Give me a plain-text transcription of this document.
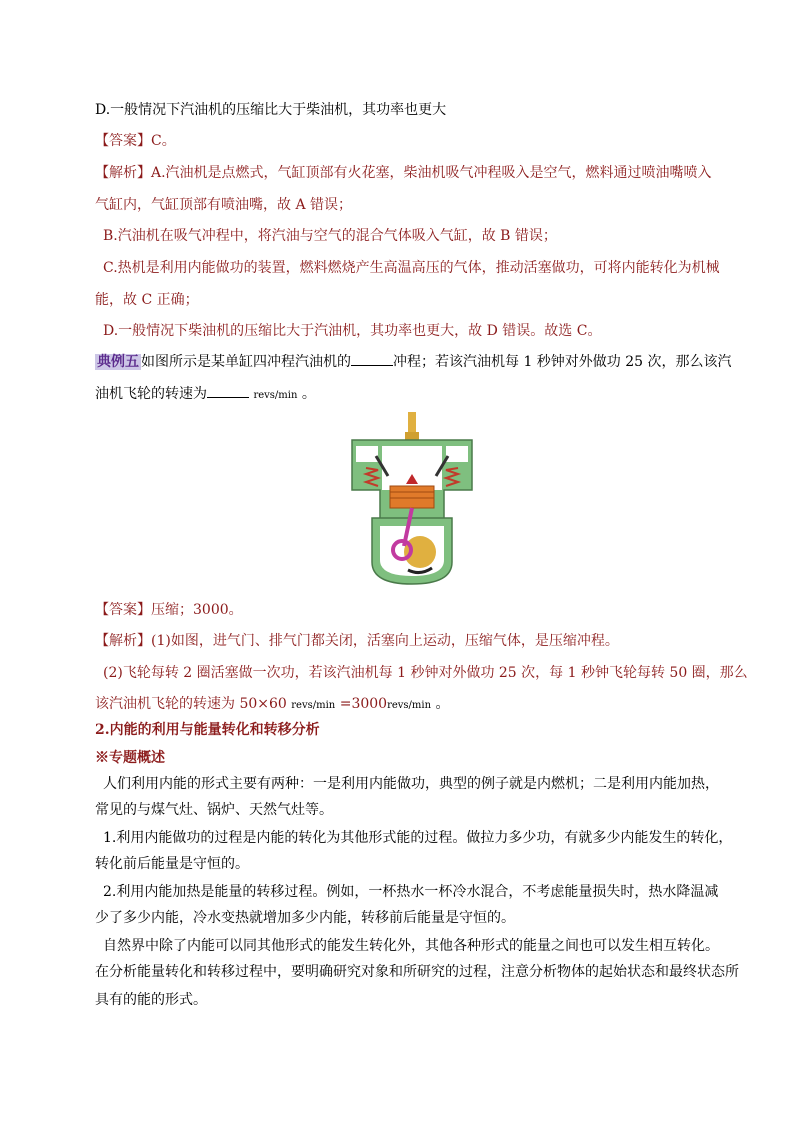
D.一般情况下汽油机的压缩比大于柴油机，其功率也更大
【答案】C。
【解析】A.汽油机是点燃式，气缸顶部有火花塞，柴油机吸气冲程吸入是空气，燃料通过喷油嘴喷入
气缸内，气缸顶部有喷油嘴，故 A 错误；
B.汽油机在吸气冲程中，将汽油与空气的混合气体吸入气缸，故 B 错误；
C.热机是利用内能做功的装置，燃料燃烧产生高温高压的气体，推动活塞做功，可将内能转化为机械
能，故 C 正确；
D.一般情况下柴油机的压缩比大于汽油机，其功率也更大，故 D 错误。故选 C。
典例五 如图所示是某单缸四冲程汽油机的	冲程；若该汽油机每 1 秒钟对外做功 25 次，那么该汽
油机飞轮的转速为	revs/min 。
【答案】压缩；3000。
【解析】(1)如图，进气门、排气门都关闭，活塞向上运动，压缩气体，是压缩冲程。
(2)飞轮每转 2 圈活塞做一次功，若该汽油机每 1 秒钟对外做功 25 次，每 1 秒钟飞轮每转 50 圈，那么
该汽油机飞轮的转速为 50×60 revs/min =3000revs/min 。
2.内能的利用与能量转化和转移分析
※专题概述
人们利用内能的形式主要有两种：一是利用内能做功，典型的例子就是内燃机；二是利用内能加热，
常见的与煤气灶、锅炉、天然气灶等。
1.利用内能做功的过程是内能的转化为其他形式能的过程。做拉力多少功，有就多少内能发生的转化，
转化前后能量是守恒的。
2.利用内能加热是能量的转移过程。例如，一杯热水一杯冷水混合，不考虑能量损失时，热水降温减
少了多少内能，冷水变热就增加多少内能，转移前后能量是守恒的。
自然界中除了内能可以同其他形式的能发生转化外，其他各种形式的能量之间也可以发生相互转化。
在分析能量转化和转移过程中，要明确研究对象和所研究的过程，注意分析物体的起始状态和最终状态所
具有的能的形式。
